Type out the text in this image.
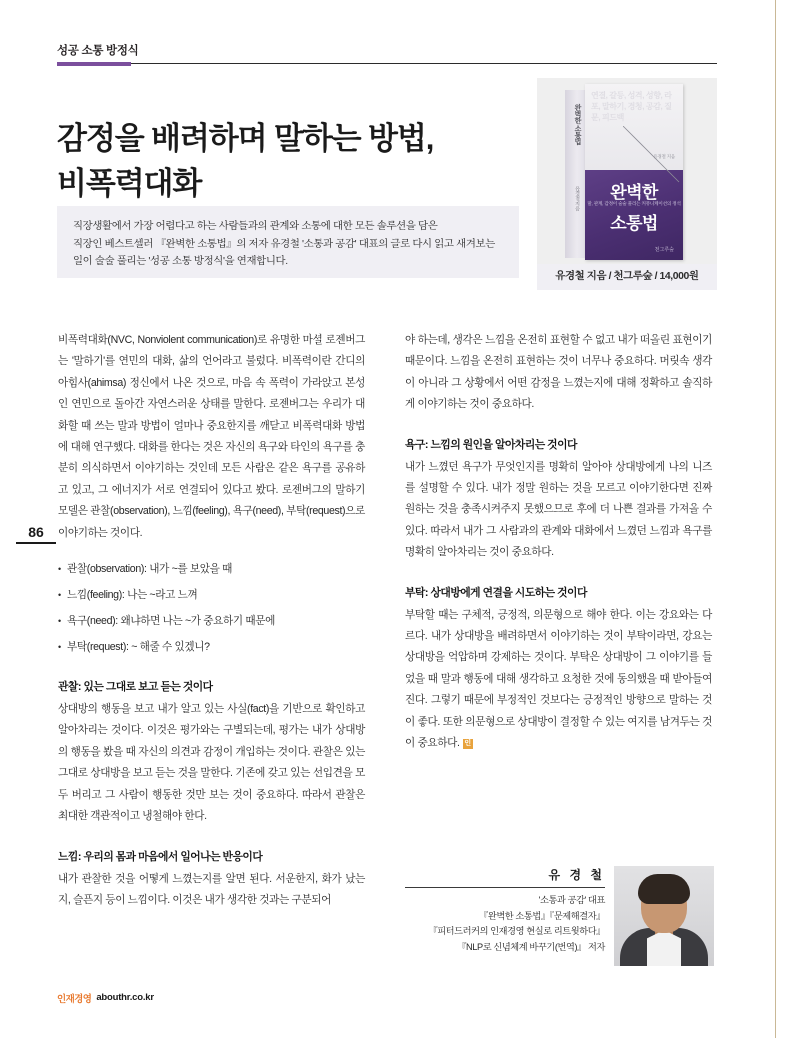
성공 소통 방정식
감정을 배려하며 말하는 방법,
비폭력대화
직장생활에서 가장 어렵다고 하는 사람들과의 관계와 소통에 대한 모든 솔루션을 담은
직장인 베스트셀러 『완벽한 소통법』의 저자 유경철 '소통과 공감' 대표의 글로 다시 읽고 새겨보는
일이 술술 풀리는 '성공 소통 방정식'을 연재합니다.
완벽한 소통법
유경철 지음
연결, 갈등, 성격, 성향, 라포, 말하기, 경청, 공감, 질문, 피드백
유경철 지음
완벽한
말, 관계, 감정이 술술 풀리는 커뮤니케이션의 정석
소통법
천그루숲
유경철 지음 / 천그루숲 / 14,000원
86

비폭력대화(NVC, Nonviolent communication)로 유명한 마셜 로젠버그는 '말하기'를 연민의 대화, 삶의 언어라고 불렀다. 비폭력이란 간디의 아힘사(ahimsa) 정신에서 나온 것으로, 마음 속 폭력이 가라앉고 본성인 연민으로 돌아간 자연스러운 상태를 말한다. 로젠버그는 우리가 대화할 때 쓰는 말과 방법이 얼마나 중요한지를 깨닫고 비폭력대화 방법에 대해 연구했다. 대화를 한다는 것은 자신의 욕구와 타인의 욕구를 충분히 의식하면서 이야기하는 것인데 모든 사람은 같은 욕구를 공유하고 있고, 그 에너지가 서로 연결되어 있다고 봤다. 로젠버그의 말하기 모델은 관찰(observation), 느낌(feeling), 욕구(need), 부탁(request)으로 이야기하는 것이다.

• 관찰(observation): 내가 ~를 보았을 때
• 느낌(feeling): 나는 ~라고 느껴
• 욕구(need): 왜냐하면 나는 ~가 중요하기 때문에
• 부탁(request): ~ 해줄 수 있겠니?
관찰: 있는 그대로 보고 듣는 것이다

상대방의 행동을 보고 내가 알고 있는 사실(fact)을 기반으로 확인하고 알아차리는 것이다. 이것은 평가와는 구별되는데, 평가는 내가 상대방의 행동을 봤을 때 자신의 의견과 감정이 개입하는 것이다. 관찰은 있는 그대로 상대방을 보고 듣는 것을 말한다. 기존에 갖고 있는 선입견을 모두 버리고 그 사람이 행동한 것만 보는 것이 중요하다. 따라서 관찰은 최대한 객관적이고 냉철해야 한다.

느낌: 우리의 몸과 마음에서 일어나는 반응이다

내가 관찰한 것을 어떻게 느꼈는지를 알면 된다. 서운한지, 화가 났는지, 슬픈지 등이 느낌이다. 이것은 내가 생각한 것과는 구분되어

야 하는데, 생각은 느낌을 온전히 표현할 수 없고 내가 떠올린 표현이기 때문이다. 느낌을 온전히 표현하는 것이 너무나 중요하다. 머릿속 생각이 아니라 그 상황에서 어떤 감정을 느꼈는지에 대해 정확하고 솔직하게 이야기하는 것이 중요하다.

욕구: 느낌의 원인을 알아차리는 것이다

내가 느꼈던 욕구가 무엇인지를 명확히 알아야 상대방에게 나의 니즈를 설명할 수 있다. 내가 정말 원하는 것을 모르고 이야기한다면 진짜 원하는 것을 충족시켜주지 못했으므로 후에 더 나쁜 결과를 가져올 수 있다. 따라서 내가 그 사람과의 관계와 대화에서 느꼈던 느낌과 욕구를 명확히 알아차리는 것이 중요하다.

부탁: 상대방에게 연결을 시도하는 것이다

부탁할 때는 구체적, 긍정적, 의문형으로 해야 한다. 이는 강요와는 다르다. 내가 상대방을 배려하면서 이야기하는 것이 부탁이라면, 강요는 상대방을 억압하며 강제하는 것이다. 부탁은 상대방이 그 이야기를 들었을 때 말과 행동에 대해 생각하고 요청한 것에 동의했을 때 받아들여진다. 그렇기 때문에 부정적인 것보다는 긍정적인 방향으로 말하는 것이 좋다. 또한 의문형으로 상대방이 결정할 수 있는 여지를 남겨두는 것이 중요하다. 인

유 경 철
'소통과 공감' 대표
『완벽한 소통법』『문제해결자』
『피터드러커의 인재경영 현실로 리트윗하다』
『NLP로 신념체계 바꾸기(번역)』 저자
인재경영 abouthr.co.kr
